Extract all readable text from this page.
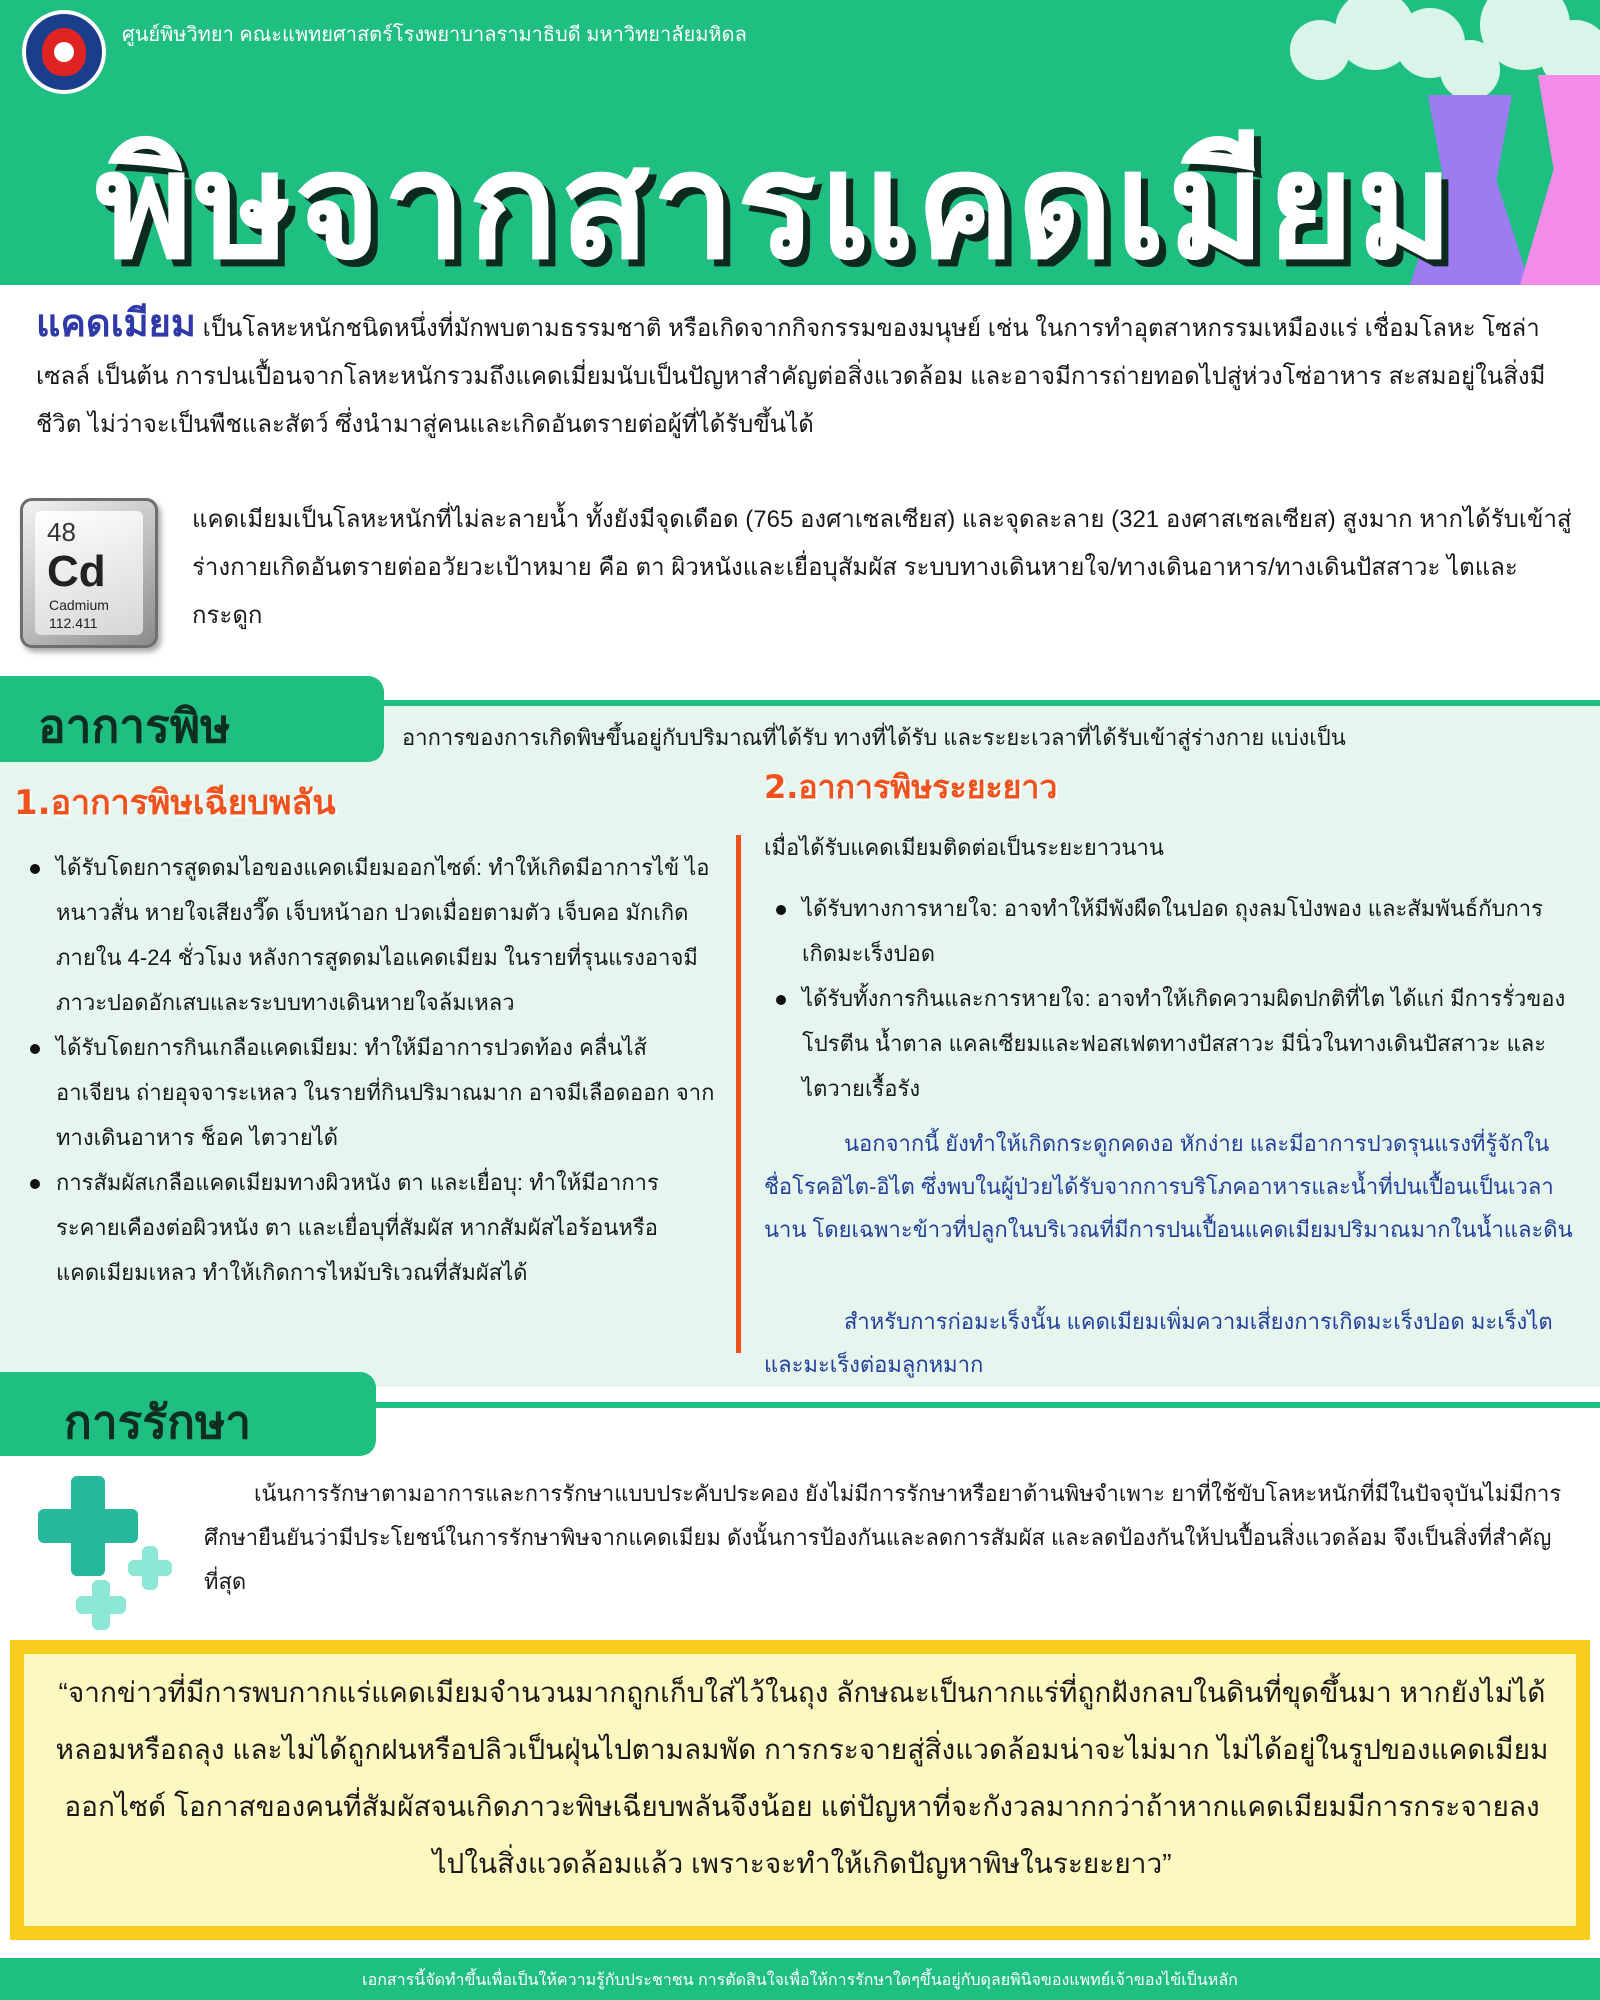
ศูนย์พิษวิทยา คณะแพทยศาสตร์โรงพยาบาลรามาธิบดี มหาวิทยาลัยมหิดล
พิษจากสารแคดเมียม
แคดเมียม เป็นโลหะหนักชนิดหนึ่งที่มักพบตามธรรมชาติ หรือเกิดจากกิจกรรมของมนุษย์ เช่น ในการทำอุตสาหกรรมเหมืองแร่ เชื่อมโลหะ โซล่าเซลล์ เป็นต้น การปนเปื้อนจากโลหะหนักรวมถึงแคดเมี่ยมนับเป็นปัญหาสำคัญต่อสิ่งแวดล้อม และอาจมีการถ่ายทอดไปสู่ห่วงโซ่อาหาร สะสมอยู่ในสิ่งมีชีวิต ไม่ว่าจะเป็นพืชและสัตว์ ซึ่งนำมาสู่คนและเกิดอันตรายต่อผู้ที่ได้รับขึ้นได้
48
Cd
Cadmium
112.411
แคดเมียมเป็นโลหะหนักที่ไม่ละลายน้ำ ทั้งยังมีจุดเดือด (765 องศาเซลเซียส) และจุดละลาย (321 องศาสเซลเซียส) สูงมาก หากได้รับเข้าสู่ร่างกายเกิดอันตรายต่ออวัยวะเป้าหมาย คือ ตา ผิวหนังและเยื่อบุสัมผัส ระบบทางเดินหายใจ/ทางเดินอาหาร/ทางเดินปัสสาวะ ไตและกระดูก
อาการพิษ	อาการของการเกิดพิษขึ้นอยู่กับปริมาณที่ได้รับ ทางที่ได้รับ และระยะเวลาที่ได้รับเข้าสู่ร่างกาย แบ่งเป็น
1.อาการพิษเฉียบพลัน
ได้รับโดยการสูดดมไอของแคดเมียมออกไซด์: ทำให้เกิดมีอาการไข้ ไอ หนาวสั่น หายใจเสียงวี๊ด เจ็บหน้าอก ปวดเมื่อยตามตัว เจ็บคอ มักเกิดภายใน 4-24 ชั่วโมง หลังการสูดดมไอแคดเมียม ในรายที่รุนแรงอาจมีภาวะปอดอักเสบและระบบทางเดินหายใจล้มเหลว
ได้รับโดยการกินเกลือแคดเมียม: ทำให้มีอาการปวดท้อง คลื่นไส้ อาเจียน ถ่ายอุจจาระเหลว ในรายที่กินปริมาณมาก อาจมีเลือดออก จากทางเดินอาหาร ช็อค ไตวายได้
การสัมผัสเกลือแคดเมียมทางผิวหนัง ตา และเยื่อบุ: ทำให้มีอาการระคายเคืองต่อผิวหนัง ตา และเยื่อบุที่สัมผัส หากสัมผัสไอร้อนหรือแคดเมียมเหลว ทำให้เกิดการไหม้บริเวณที่สัมผัสได้
2.อาการพิษระยะยาว
เมื่อได้รับแคดเมียมติดต่อเป็นระยะยาวนาน
ได้รับทางการหายใจ: อาจทำให้มีพังผืดในปอด ถุงลมโป่งพอง และสัมพันธ์กับการเกิดมะเร็งปอด
ได้รับทั้งการกินและการหายใจ: อาจทำให้เกิดความผิดปกติที่ไต ได้แก่ มีการรั่วของโปรตีน น้ำตาล แคลเซียมและฟอสเฟตทางปัสสาวะ มีนิ่วในทางเดินปัสสาวะ และไตวายเรื้อรัง
นอกจากนี้ ยังทำให้เกิดกระดูกคดงอ หักง่าย และมีอาการปวดรุนแรงที่รู้จักในชื่อโรคอิไต-อิไต ซึ่งพบในผู้ป่วยได้รับจากการบริโภคอาหารและน้ำที่ปนเปื้อนเป็นเวลานาน โดยเฉพาะข้าวที่ปลูกในบริเวณที่มีการปนเปื้อนแคดเมียมปริมาณมากในน้ำและดิน
สำหรับการก่อมะเร็งนั้น แคดเมียมเพิ่มความเสี่ยงการเกิดมะเร็งปอด มะเร็งไตและมะเร็งต่อมลูกหมาก
การรักษา
เน้นการรักษาตามอาการและการรักษาแบบประคับประคอง ยังไม่มีการรักษาหรือยาต้านพิษจำเพาะ ยาที่ใช้ขับโลหะหนักที่มีในปัจจุบันไม่มีการศึกษายืนยันว่ามีประโยชน์ในการรักษาพิษจากแคดเมียม ดังนั้นการป้องกันและลดการสัมผัส และลดป้องกันให้ปนปื้อนสิ่งแวดล้อม จึงเป็นสิ่งที่สำคัญที่สุด
“จากข่าวที่มีการพบกากแร่แคดเมียมจำนวนมากถูกเก็บใส่ไว้ในถุง ลักษณะเป็นกากแร่ที่ถูกฝังกลบในดินที่ขุดขึ้นมา หากยังไม่ได้หลอมหรือถลุง และไม่ได้ถูกฝนหรือปลิวเป็นฝุ่นไปตามลมพัด การกระจายสู่สิ่งแวดล้อมน่าจะไม่มาก ไม่ได้อยู่ในรูปของแคดเมียมออกไซด์ โอกาสของคนที่สัมผัสจนเกิดภาวะพิษเฉียบพลันจึงน้อย แต่ปัญหาที่จะกังวลมากกว่าถ้าหากแคดเมียมมีการกระจายลงไปในสิ่งแวดล้อมแล้ว เพราะจะทำให้เกิดปัญหาพิษในระยะยาว”
เอกสารนี้จัดทำขึ้นเพื่อเป็นให้ความรู้กับประชาชน การตัดสินใจเพื่อให้การรักษาใดๆขึ้นอยู่กับดุลยพินิจของแพทย์เจ้าของไข้เป็นหลัก
